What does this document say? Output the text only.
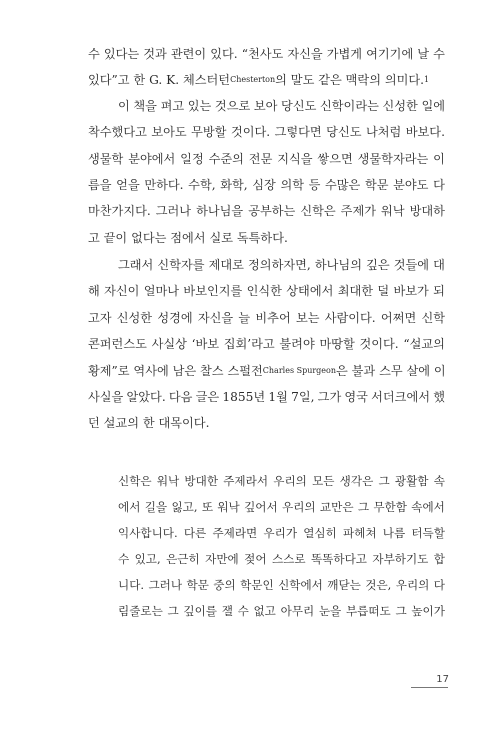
수 있다는 것과 관련이 있다. “천사도 자신을 가볍게 여기기에 날 수
있다”고 한 G. K. 체스터턴 Chesterton 의 말도 같은 맥락의 의미다. 1
이 책을 펴고 있는 것으로 보아 당신도 신학이라는 신성한 일에
착수했다고 보아도 무방할 것이다. 그렇다면 당신도 나처럼 바보다.
생물학 분야에서 일정 수준의 전문 지식을 쌓으면 생물학자라는 이
름을 얻을 만하다. 수학, 화학, 심장 의학 등 수많은 학문 분야도 다
마찬가지다. 그러나 하나님을 공부하는 신학은 주제가 워낙 방대하
고 끝이 없다는 점에서 실로 독특하다.
그래서 신학자를 제대로 정의하자면, 하나님의 깊은 것들에 대
해 자신이 얼마나 바보인지를 인식한 상태에서 최대한 덜 바보가 되
고자 신성한 성경에 자신을 늘 비추어 보는 사람이다. 어쩌면 신학
콘퍼런스도 사실상 ‘바보 집회’라고 불려야 마땅할 것이다. “설교의
황제”로 역사에 남은 찰스 스펄전 Charles Spurgeon 은 불과 스무 살에 이
사실을 알았다. 다음 글은 1855년 1월 7일, 그가 영국 서더크에서 했
던 설교의 한 대목이다.
신학은 워낙 방대한 주제라서 우리의 모든 생각은 그 광활함 속
에서 길을 잃고, 또 워낙 깊어서 우리의 교만은 그 무한함 속에서
익사합니다. 다른 주제라면 우리가 열심히 파헤쳐 나름 터득할
수 있고, 은근히 자만에 젖어 스스로 똑똑하다고 자부하기도 합
니다. 그러나 학문 중의 학문인 신학에서 깨닫는 것은, 우리의 다
림줄로는 그 깊이를 잴 수 없고 아무리 눈을 부릅떠도 그 높이가
17
